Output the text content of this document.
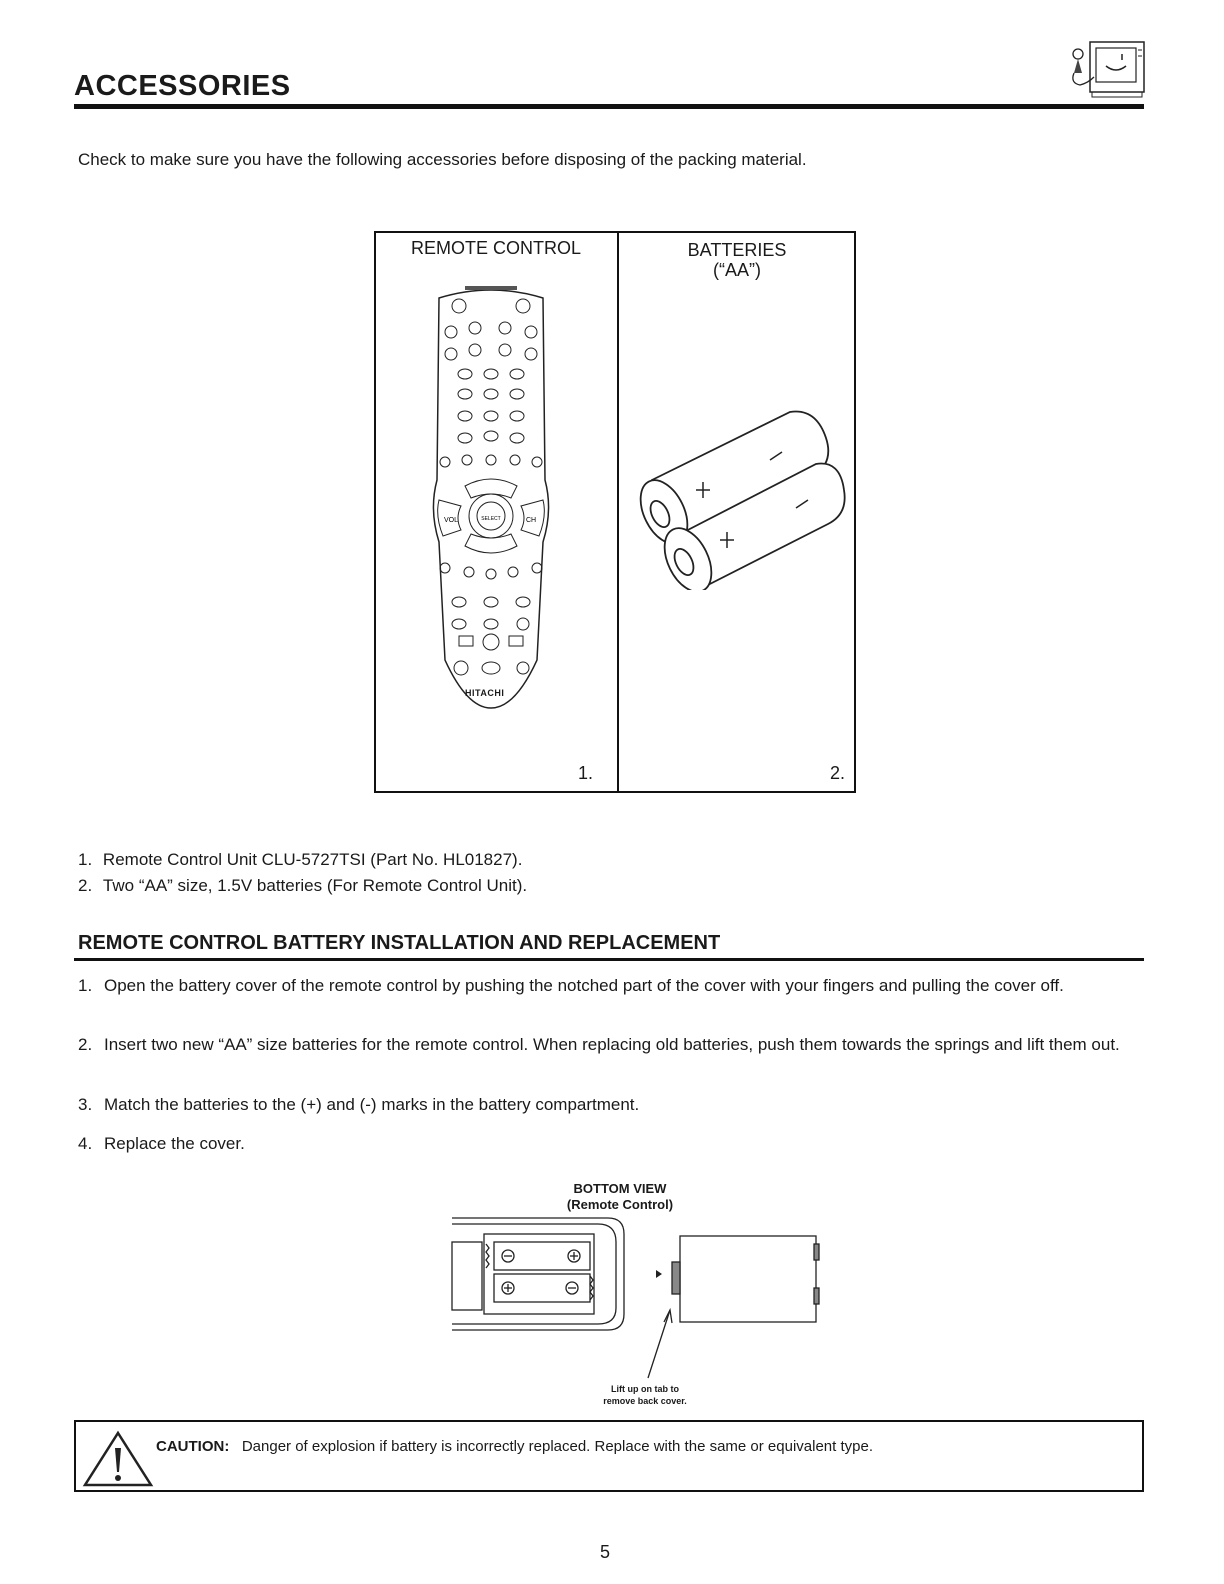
ACCESSORIES
Check to make sure you have the following accessories before disposing of the packing material.
REMOTE CONTROL	BATTERIES
(“AA”)
1.	2.
SELECT
VOL	CH
HITACHI
1. Remote Control Unit CLU-5727TSI (Part No. HL01827).
2. Two “AA” size, 1.5V batteries (For Remote Control Unit).
REMOTE CONTROL BATTERY INSTALLATION AND REPLACEMENT
1. Open the battery cover of the remote control by pushing the notched part of the cover with your fingers and pulling the cover off.
2. Insert two new “AA” size batteries for the remote control. When replacing old batteries, push them towards the springs and lift them out.
3. Match the batteries to the (+) and (-) marks in the battery compartment.
4. Replace the cover.
BOTTOM VIEW
(Remote Control)
Lift up on tab to
remove back cover.
CAUTION: Danger of explosion if battery is incorrectly replaced. Replace with the same or equivalent type.
5
